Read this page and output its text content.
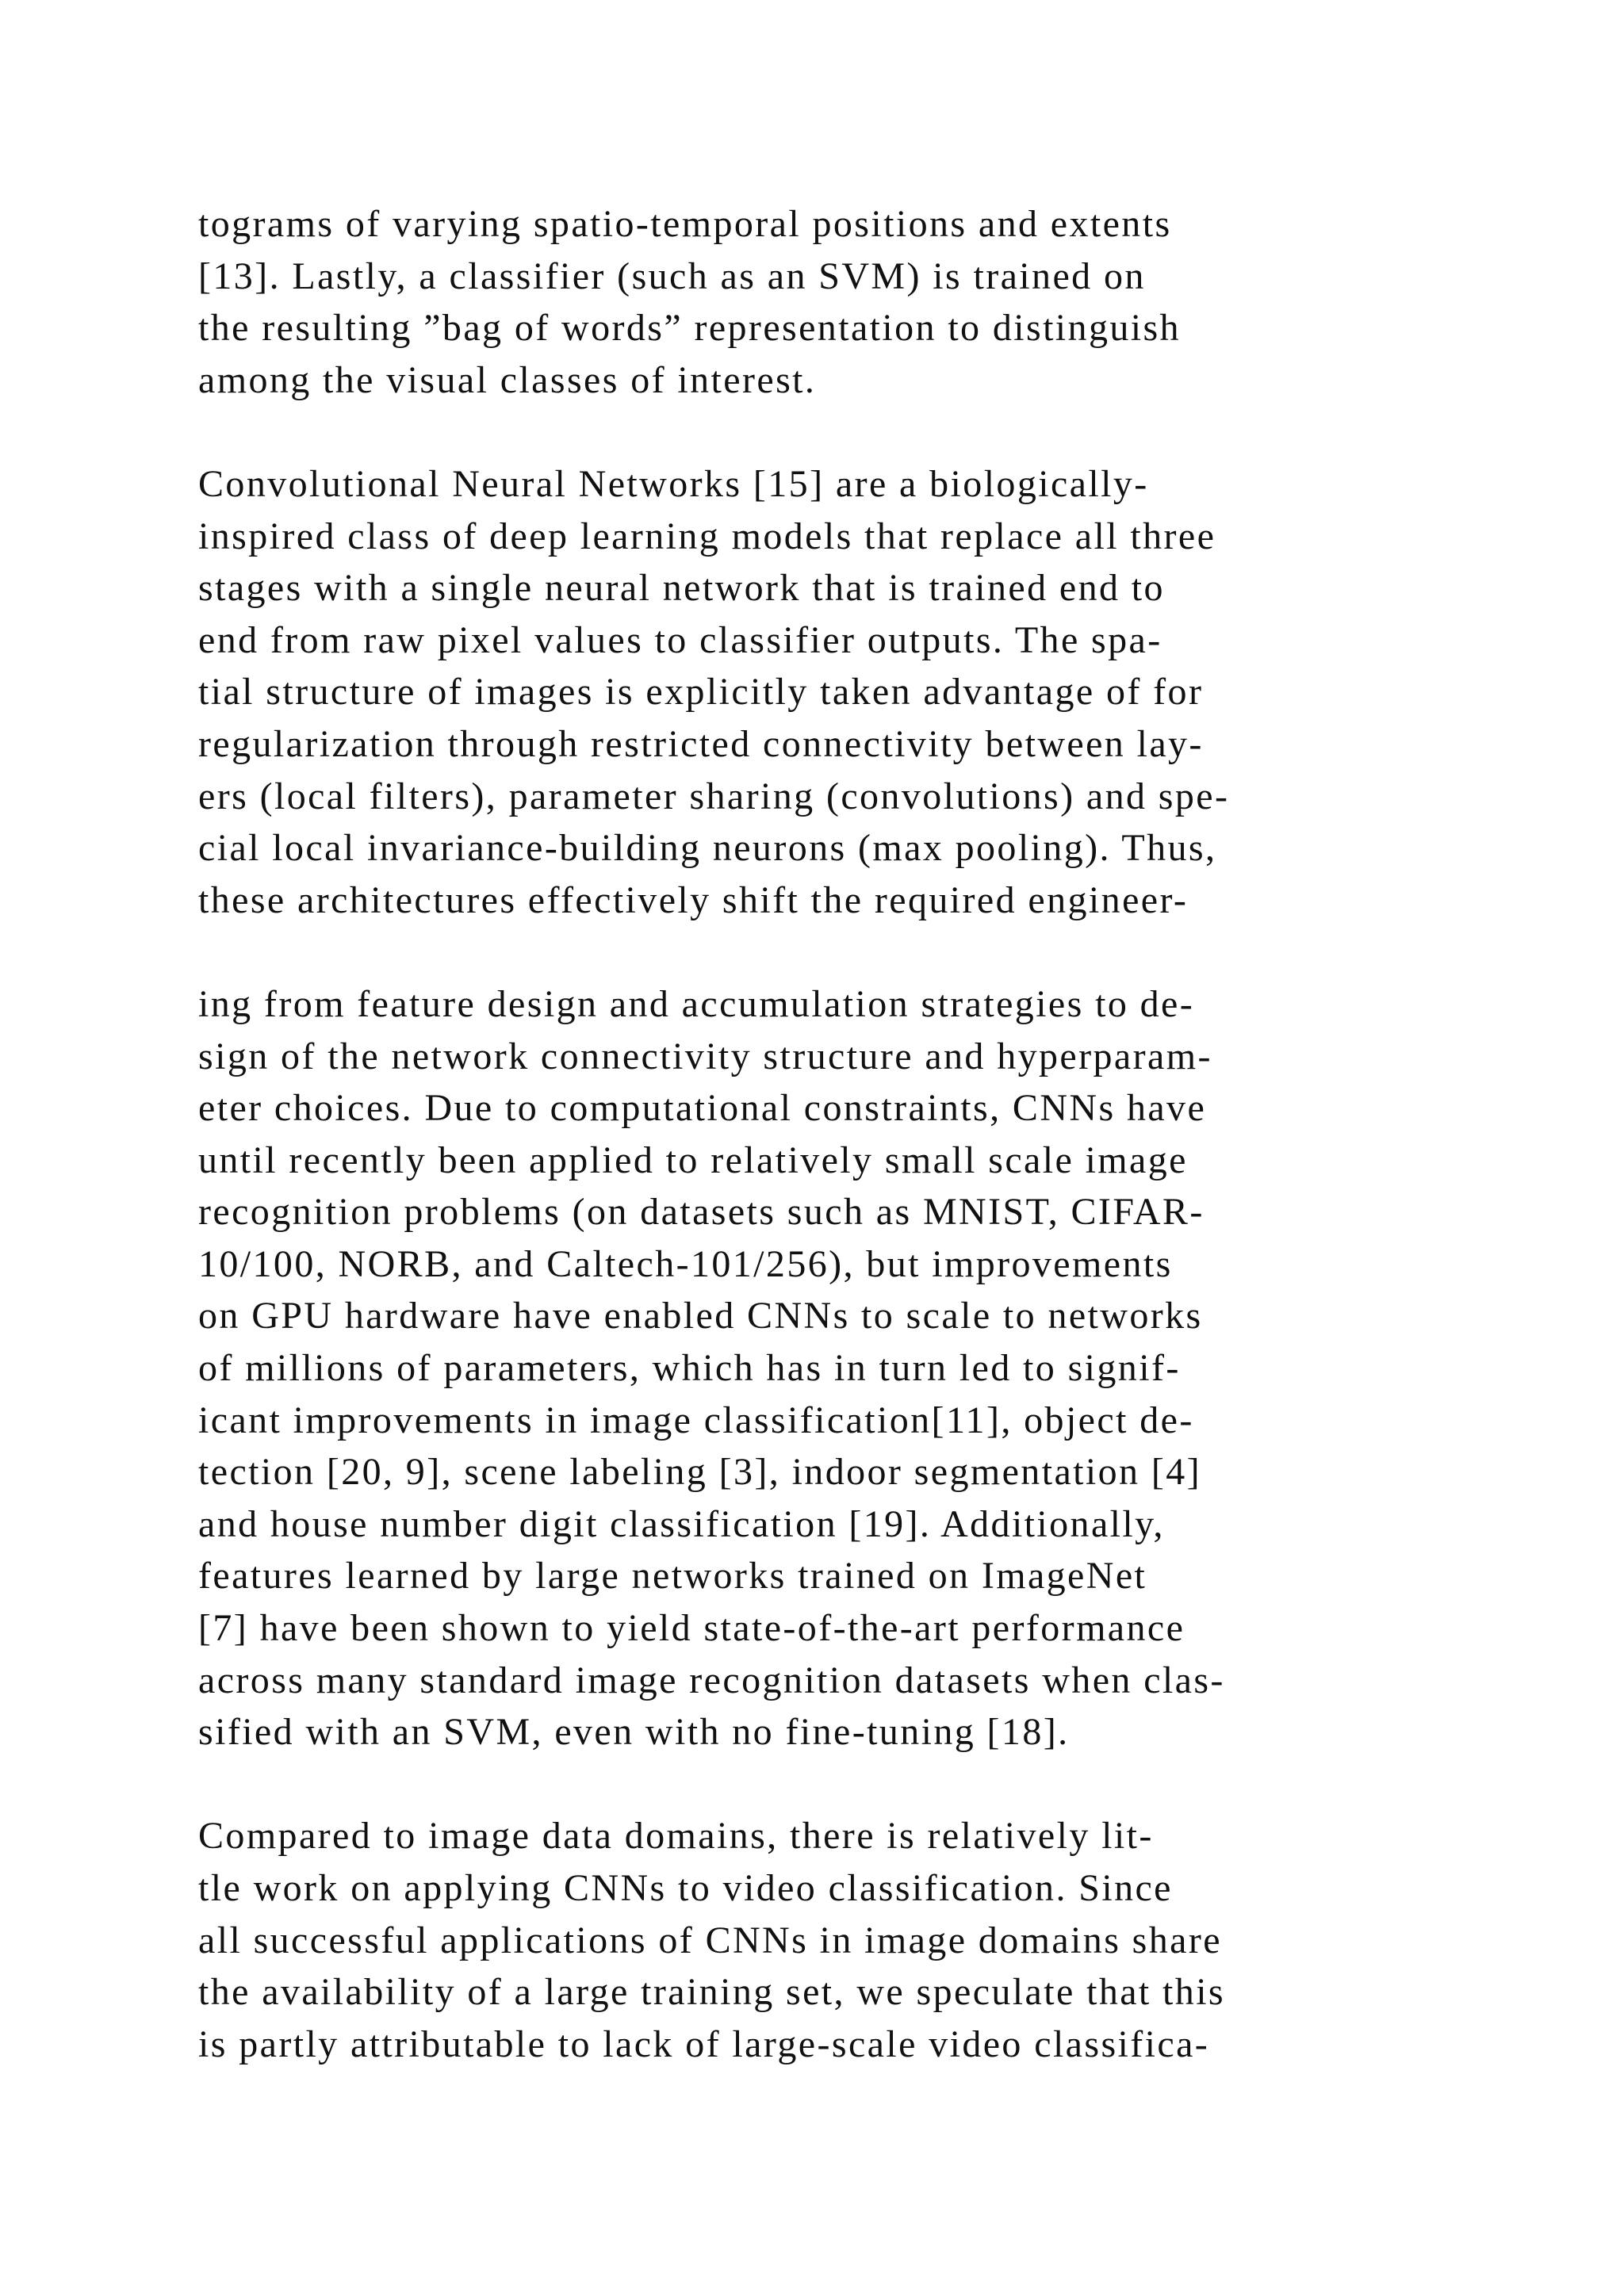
tograms of varying spatio-temporal positions and extents
[13]. Lastly, a classifier (such as an SVM) is trained on
the resulting ”bag of words” representation to distinguish
among the visual classes of interest.
Convolutional Neural Networks [15] are a biologically-
inspired class of deep learning models that replace all three
stages with a single neural network that is trained end to
end from raw pixel values to classifier outputs. The spa-
tial structure of images is explicitly taken advantage of for
regularization through restricted connectivity between lay-
ers (local filters), parameter sharing (convolutions) and spe-
cial local invariance-building neurons (max pooling). Thus,
these architectures effectively shift the required engineer-
ing from feature design and accumulation strategies to de-
sign of the network connectivity structure and hyperparam-
eter choices. Due to computational constraints, CNNs have
until recently been applied to relatively small scale image
recognition problems (on datasets such as MNIST, CIFAR-
10/100, NORB, and Caltech-101/256), but improvements
on GPU hardware have enabled CNNs to scale to networks
of millions of parameters, which has in turn led to signif-
icant improvements in image classification[11], object de-
tection [20, 9], scene labeling [3], indoor segmentation [4]
and house number digit classification [19]. Additionally,
features learned by large networks trained on ImageNet
[7] have been shown to yield state-of-the-art performance
across many standard image recognition datasets when clas-
sified with an SVM, even with no fine-tuning [18].
Compared to image data domains, there is relatively lit-
tle work on applying CNNs to video classification. Since
all successful applications of CNNs in image domains share
the availability of a large training set, we speculate that this
is partly attributable to lack of large-scale video classifica-
